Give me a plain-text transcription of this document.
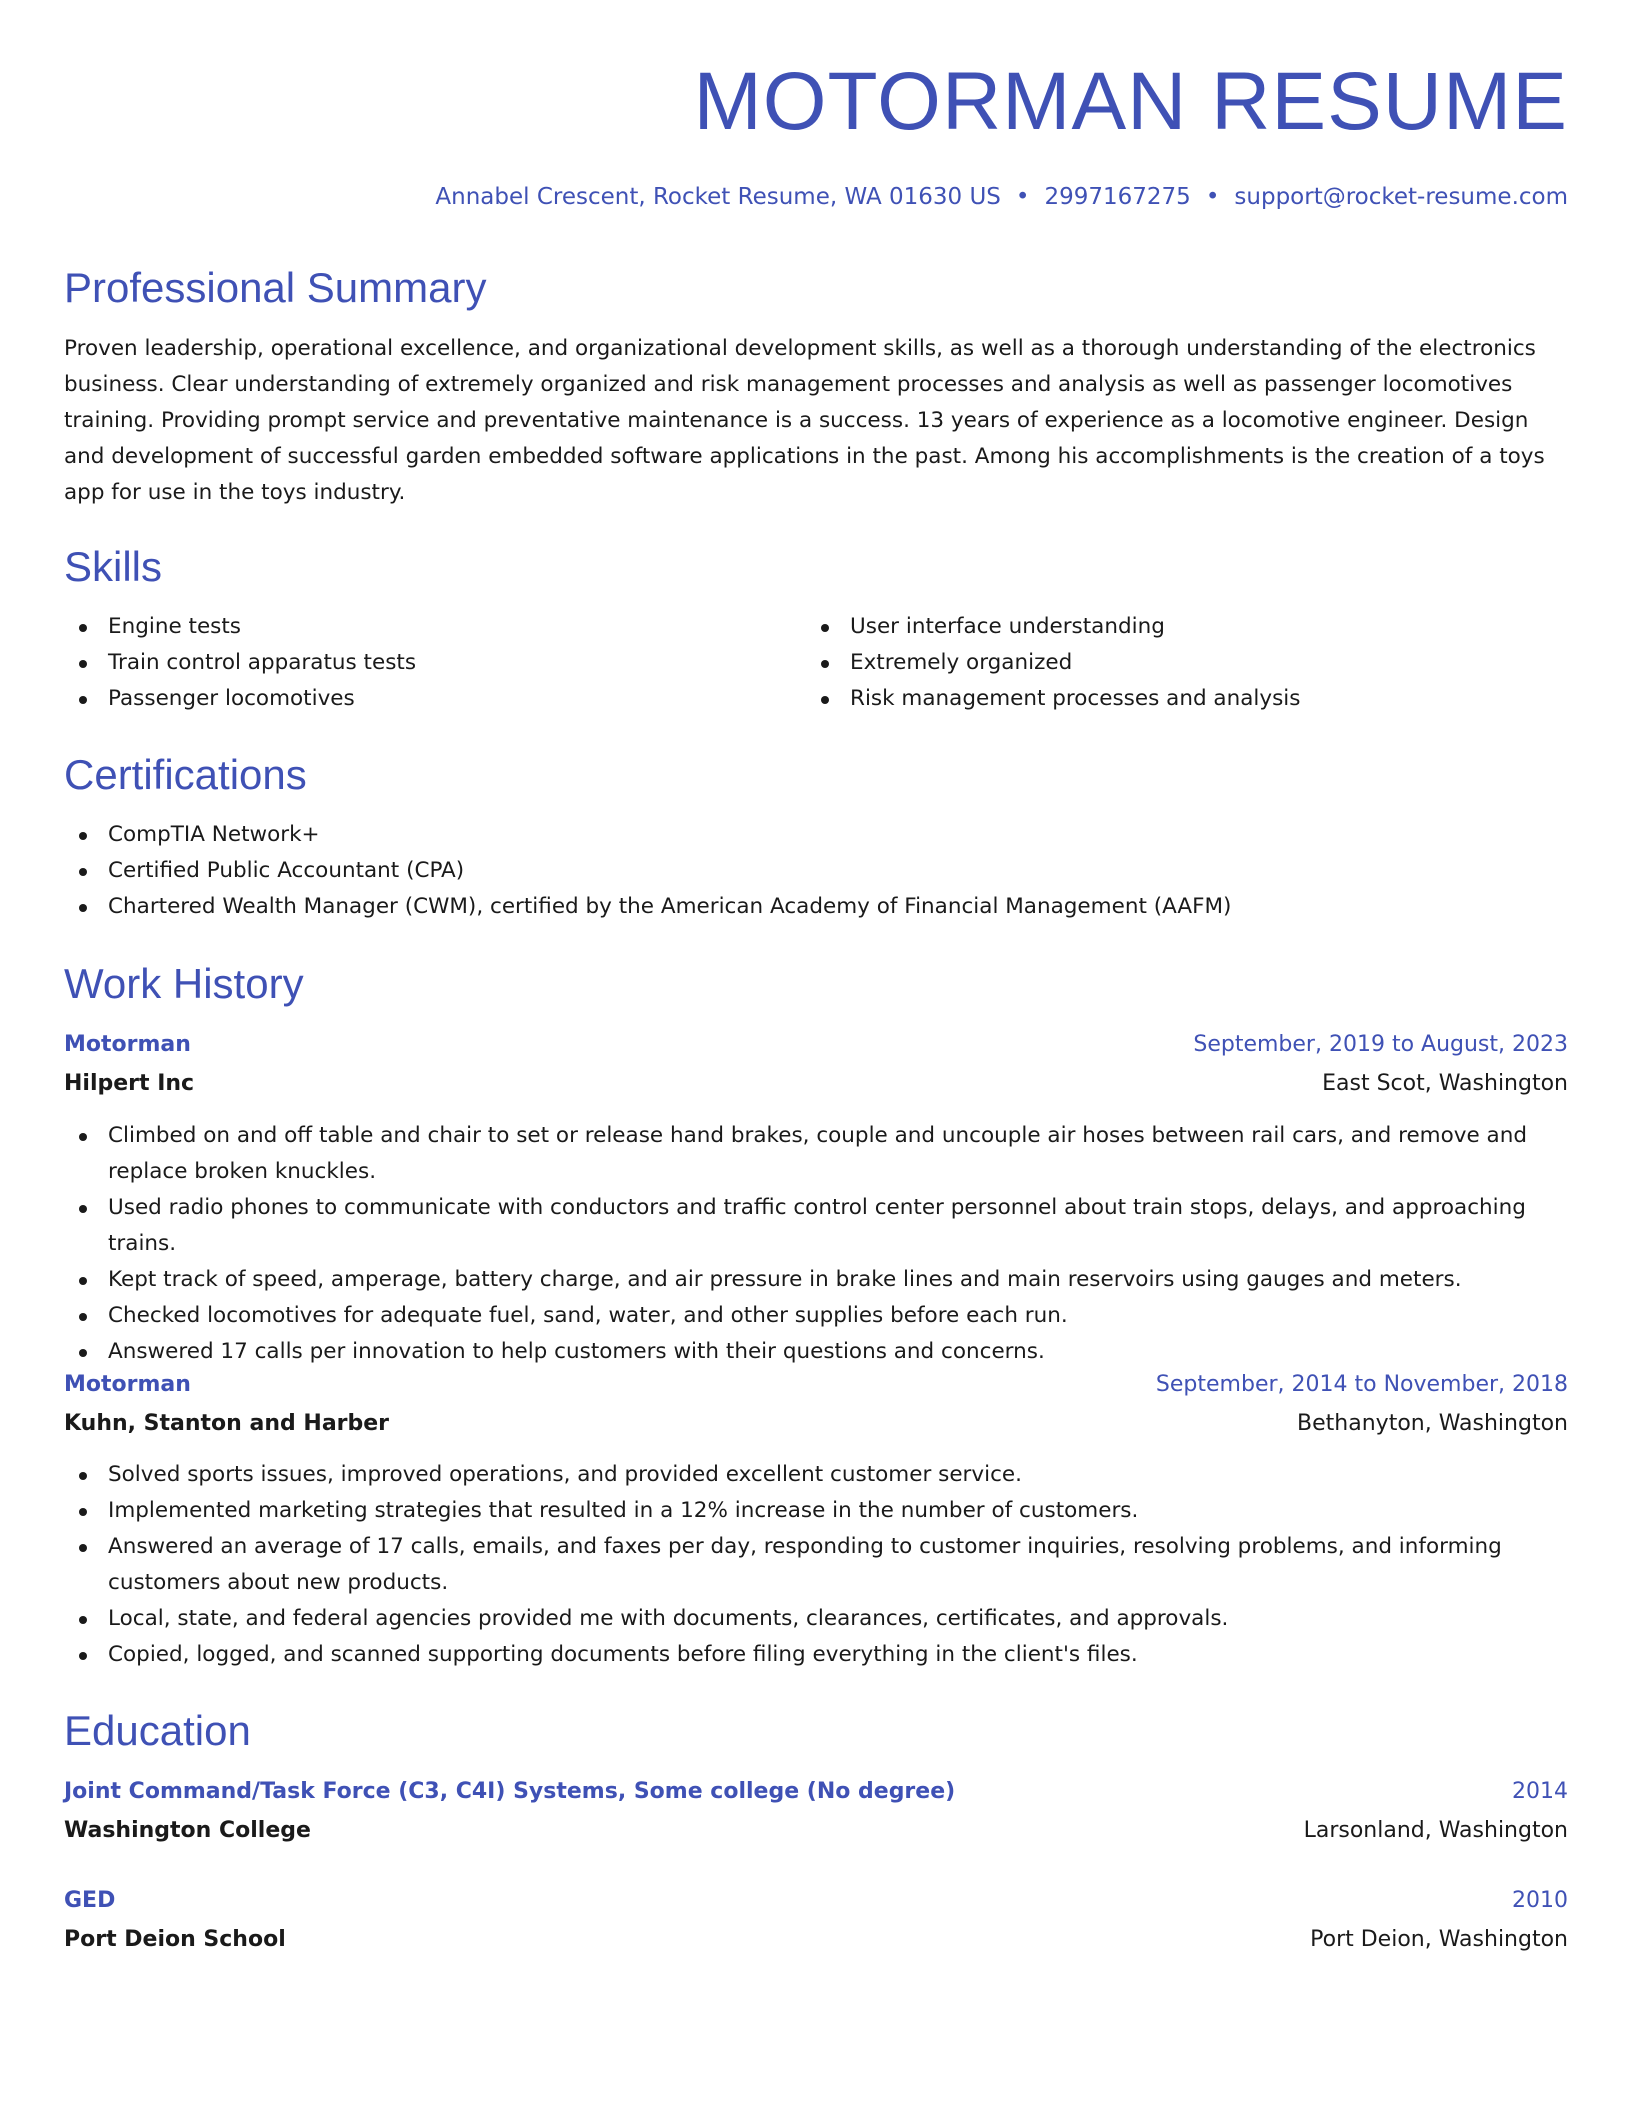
MOTORMAN RESUME
Annabel Crescent, Rocket Resume, WA 01630 US • 2997167275 • support@rocket-resume.com
Professional Summary
Proven leadership, operational excellence, and organizational development skills, as well as a thorough understanding of the electronics business. Clear understanding of extremely organized and risk management processes and analysis as well as passenger locomotives training. Providing prompt service and preventative maintenance is a success. 13 years of experience as a locomotive engineer. Design and development of successful garden embedded software applications in the past. Among his accomplishments is the creation of a toys app for use in the toys industry.
Skills
Engine tests
Train control apparatus tests
Passenger locomotives
User interface understanding
Extremely organized
Risk management processes and analysis
Certifications
CompTIA Network+
Certified Public Accountant (CPA)
Chartered Wealth Manager (CWM), certified by the American Academy of Financial Management (AAFM)
Work History
Motorman	September, 2019 to August, 2023
Hilpert Inc	East Scot, Washington
Climbed on and off table and chair to set or release hand brakes, couple and uncouple air hoses between rail cars, and remove and replace broken knuckles.
Used radio phones to communicate with conductors and traffic control center personnel about train stops, delays, and approaching trains.
Kept track of speed, amperage, battery charge, and air pressure in brake lines and main reservoirs using gauges and meters.
Checked locomotives for adequate fuel, sand, water, and other supplies before each run.
Answered 17 calls per innovation to help customers with their questions and concerns.
Motorman	September, 2014 to November, 2018
Kuhn, Stanton and Harber	Bethanyton, Washington
Solved sports issues, improved operations, and provided excellent customer service.
Implemented marketing strategies that resulted in a 12% increase in the number of customers.
Answered an average of 17 calls, emails, and faxes per day, responding to customer inquiries, resolving problems, and informing customers about new products.
Local, state, and federal agencies provided me with documents, clearances, certificates, and approvals.
Copied, logged, and scanned supporting documents before filing everything in the client's files.
Education
Joint Command/Task Force (C3, C4I) Systems, Some college (No degree)	2014
Washington College	Larsonland, Washington
GED	2010
Port Deion School	Port Deion, Washington
